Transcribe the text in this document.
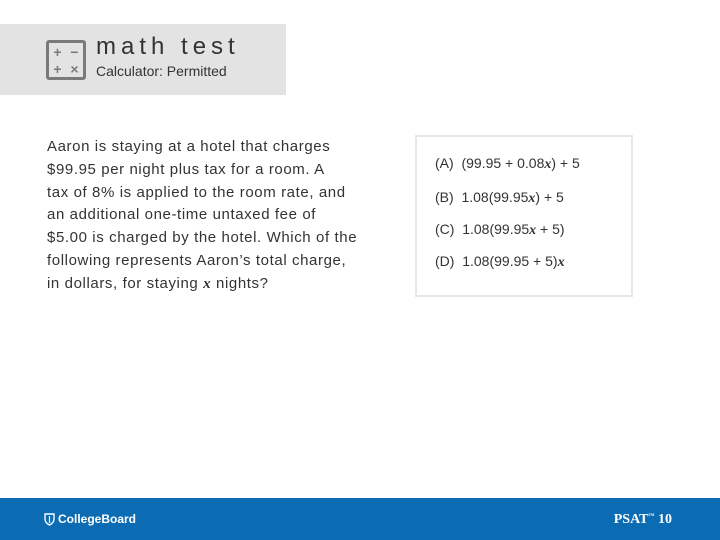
+ −
+ ×
math test
Calculator: Permitted
Aaron is staying at a hotel that charges
$99.95 per night plus tax for a room. A
tax of 8% is applied to the room rate, and
an additional one-time untaxed fee of
$5.00 is charged by the hotel. Which of the
following represents Aaron’s total charge,
in dollars, for staying x nights?
(A) (99.95 + 0.08x) + 5
(B) 1.08(99.95x) + 5
(C) 1.08(99.95x + 5)
(D) 1.08(99.95 + 5)x
CollegeBoard	PSAT™ 10
